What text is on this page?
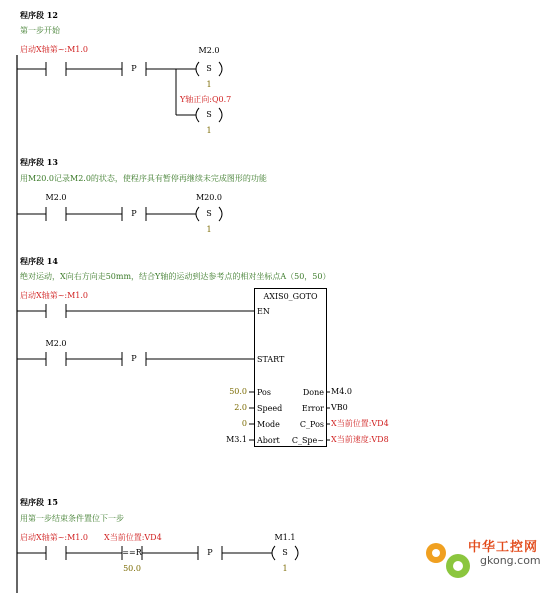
程序段 12
第一步开始
启动X轴第~:M1.0
P
M2.0
S
1
Y轴正向:Q0.7
S
1
程序段 13
用M20.0记录M2.0的状态，使程序具有暂停再继续未完成图形的功能
M2.0
P
M20.0
S
1
程序段 14
绝对运动，X向右方向走50mm，结合Y轴的运动到达参考点的相对坐标点A（50，50）
启动X轴第~:M1.0
M2.0
P
AXIS0_GOTO
EN
START
Pos
Speed
Mode
Abort
Done
Error
C_Pos
C_Spe~
50.0
2.0
0
M3.1
M4.0
VB0
X当前位置:VD4
X当前速度:VD8
程序段 15
用第一步结束条件置位下一步
启动X轴第~:M1.0 X当前位置:VD4
==R
50.0
P
M1.1
S
1
中华工控网
gkong.com
